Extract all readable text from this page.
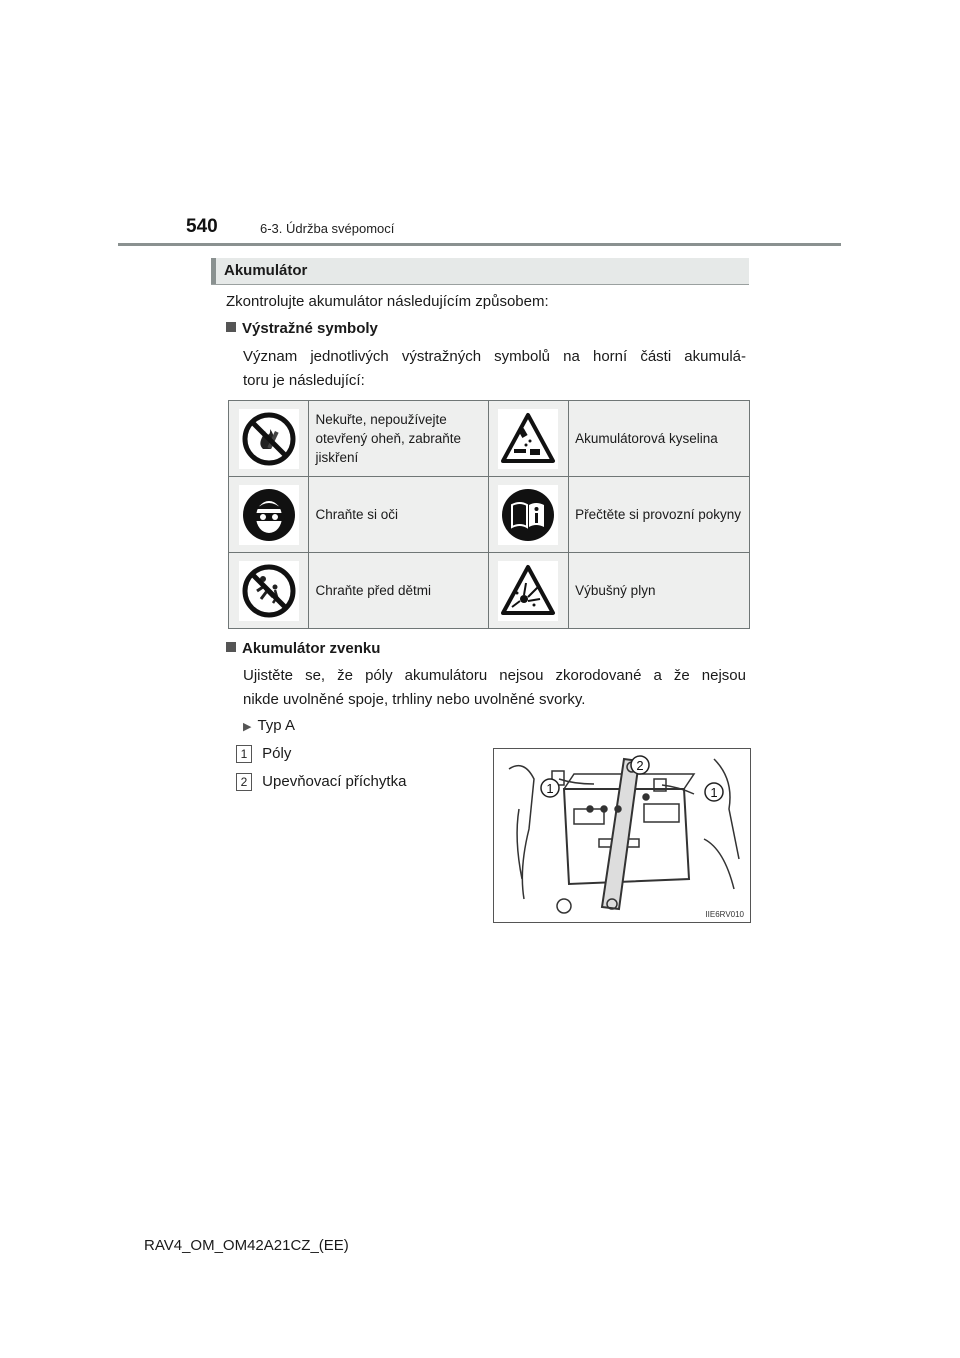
540	6-3. Údržba svépomocí
Akumulátor
Zkontrolujte akumulátor následujícím způsobem:
Výstražné symboly
Význam jednotlivých výstražných symbolů na horní části akumulá-
toru je následující:
	Nekuřte, nepoužívejte otevřený oheň, zabraňte jiskření		Akumulátorová kyselina

	Chraňte si oči		Přečtěte si provozní pokyny

	Chraňte před dětmi		Výbušný plyn
Akumulátor zvenku
Ujistěte se, že póly akumulátoru nejsou zkorodované a že nejsou
nikde uvolněné spoje, trhliny nebo uvolněné svorky.
▶ Typ A
1 Póly
2 Upevňovací příchytka	1
2
1
IIE6RV010
RAV4_OM_OM42A21CZ_(EE)
